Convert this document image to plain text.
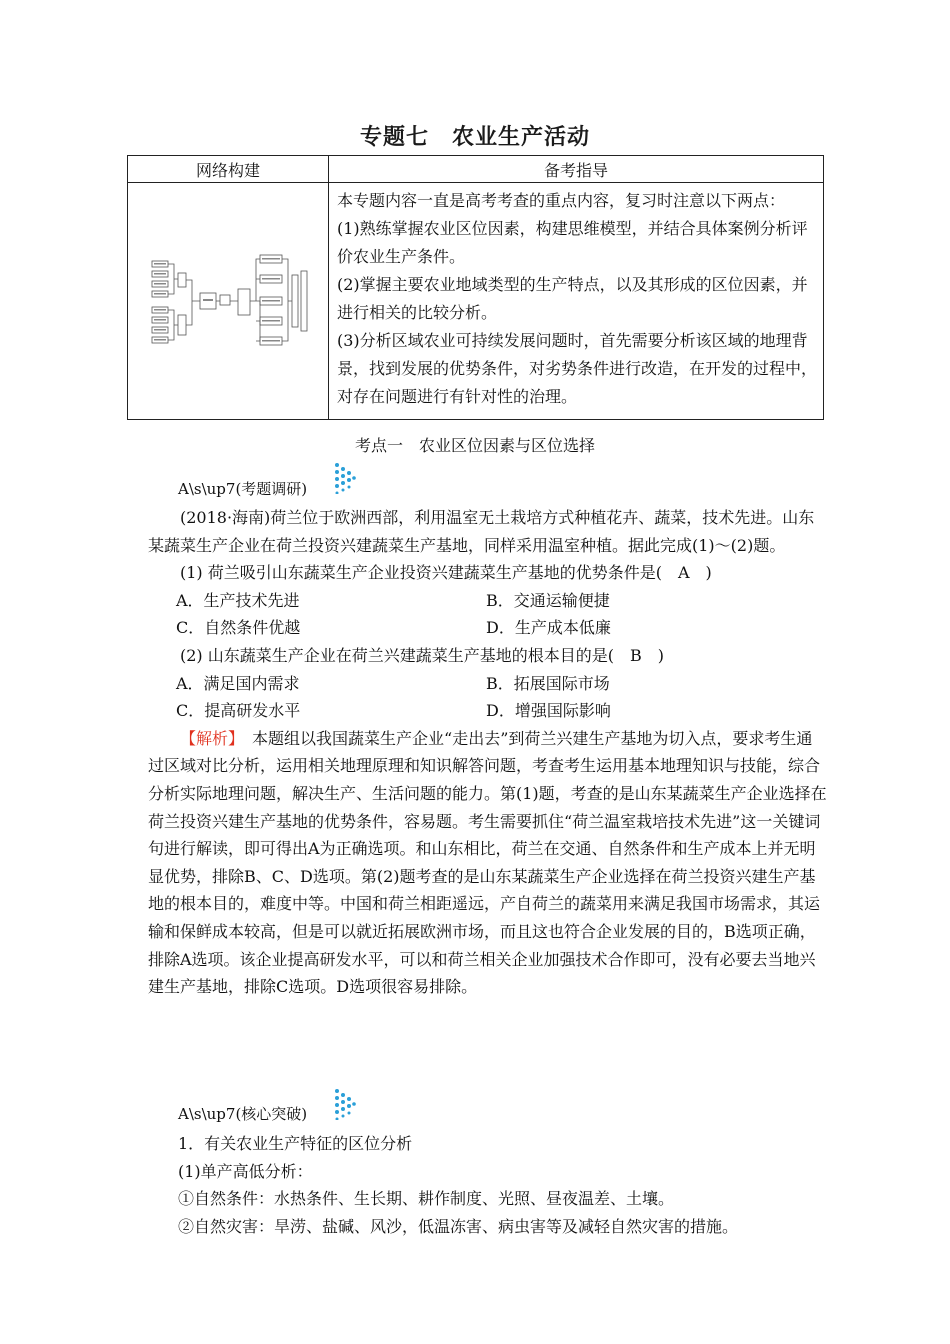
专题七　农业生产活动
网络构建	备考指导

本专题内容一直是高考考查的重点内容，复习时注意以下两点：

(1)熟练掌握农业区位因素，构建思维模型，并结合具体案例分析评价农业生产条件。

(2)掌握主要农业地域类型的生产特点，以及其形成的区位因素，并进行相关的比较分析。

(3)分析区域农业可持续发展问题时，首先需要分析该区域的地理背景，找到发展的优势条件，对劣势条件进行改造，在开发的过程中，对存在问题进行有针对性的治理。

考点一　农业区位因素与区位选择
A\s\up7(考题调研)

(2018·海南)荷兰位于欧洲西部，利用温室无土栽培方式种植花卉、蔬菜，技术先进。山东某蔬菜生产企业在荷兰投资兴建蔬菜生产基地，同样采用温室种植。据此完成(1)～(2)题。

(1) 荷兰吸引山东蔬菜生产企业投资兴建蔬菜生产基地的优势条件是(　A　)

A．生产技术先进	B．交通运输便捷
C．自然条件优越	D．生产成本低廉

(2) 山东蔬菜生产企业在荷兰兴建蔬菜生产基地的根本目的是(　B　)

A．满足国内需求	B．拓展国际市场
C．提高研发水平	D．增强国际影响

【解析】　本题组以我国蔬菜生产企业“走出去”到荷兰兴建生产基地为切入点，要求考生通过区域对比分析，运用相关地理原理和知识解答问题，考查考生运用基本地理知识与技能，综合分析实际地理问题，解决生产、生活问题的能力。第(1)题，考查的是山东某蔬菜生产企业选择在荷兰投资兴建生产基地的优势条件，容易题。考生需要抓住“荷兰温室栽培技术先进”这一关键词句进行解读，即可得出A为正确选项。和山东相比，荷兰在交通、自然条件和生产成本上并无明显优势，排除B、C、D选项。第(2)题考查的是山东某蔬菜生产企业选择在荷兰投资兴建生产基地的根本目的，难度中等。中国和荷兰相距遥远，产自荷兰的蔬菜用来满足我国市场需求，其运输和保鲜成本较高，但是可以就近拓展欧洲市场，而且这也符合企业发展的目的，B选项正确，排除A选项。该企业提高研发水平，可以和荷兰相关企业加强技术合作即可，没有必要去当地兴建生产基地，排除C选项。D选项很容易排除。

A\s\up7(核心突破)

1．有关农业生产特征的区位分析

(1)单产高低分析：

①自然条件：水热条件、生长期、耕作制度、光照、昼夜温差、土壤。

②自然灾害：旱涝、盐碱、风沙，低温冻害、病虫害等及减轻自然灾害的措施。
